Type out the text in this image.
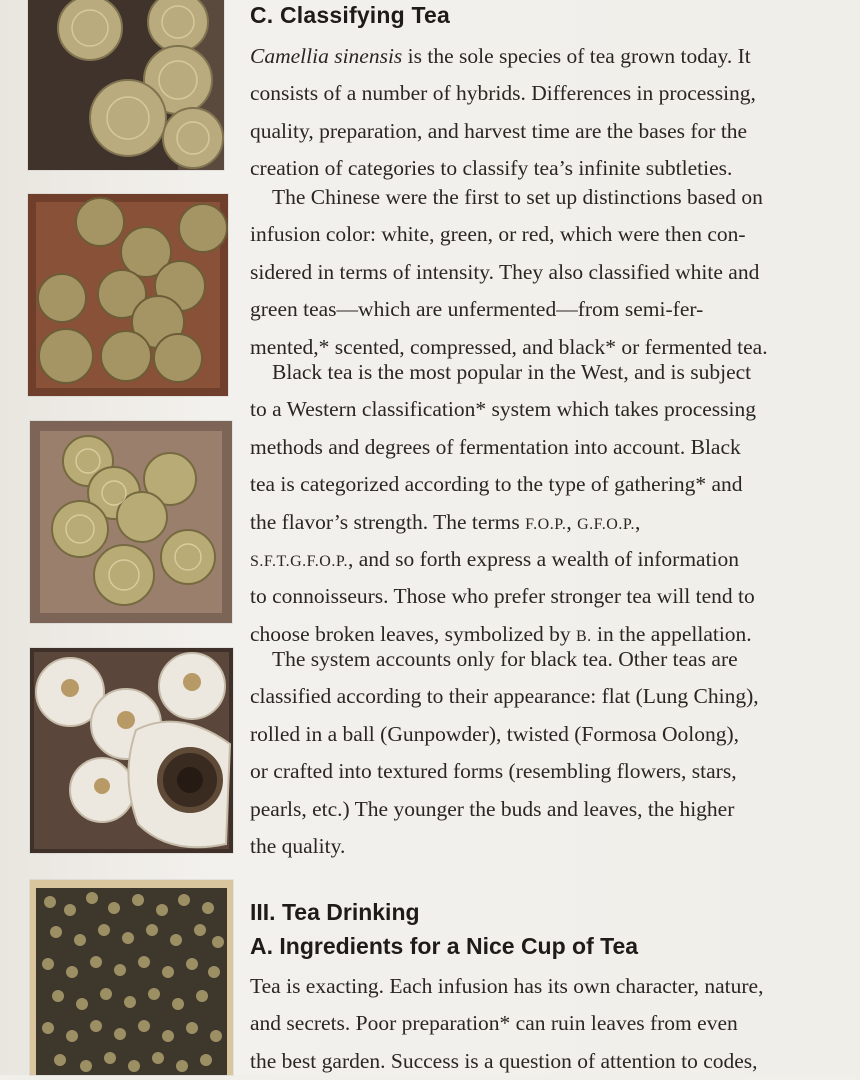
C. Classifying Tea
Camellia sinensis is the sole species of tea grown today. It
consists of a number of hybrids. Differences in processing,
quality, preparation, and harvest time are the bases for the
creation of categories to classify tea’s infinite subtleties.
The Chinese were the first to set up distinctions based on
infusion color: white, green, or red, which were then con-
sidered in terms of intensity. They also classified white and
green teas—which are unfermented—from semi-fer-
mented,* scented, compressed, and black* or fermented tea.
Black tea is the most popular in the West, and is subject
to a Western classification* system which takes processing
methods and degrees of fermentation into account. Black
tea is categorized according to the type of gathering* and
the flavor’s strength. The terms F.O.P., G.F.O.P.,
S.F.T.G.F.O.P., and so forth express a wealth of information
to connoisseurs. Those who prefer stronger tea will tend to
choose broken leaves, symbolized by B. in the appellation.
The system accounts only for black tea. Other teas are
classified according to their appearance: flat (Lung Ching),
rolled in a ball (Gunpowder), twisted (Formosa Oolong),
or crafted into textured forms (resembling flowers, stars,
pearls, etc.) The younger the buds and leaves, the higher
the quality.
III. Tea Drinking
A. Ingredients for a Nice Cup of Tea
Tea is exacting. Each infusion has its own character, nature,
and secrets. Poor preparation* can ruin leaves from even
the best garden. Success is a question of attention to codes,
